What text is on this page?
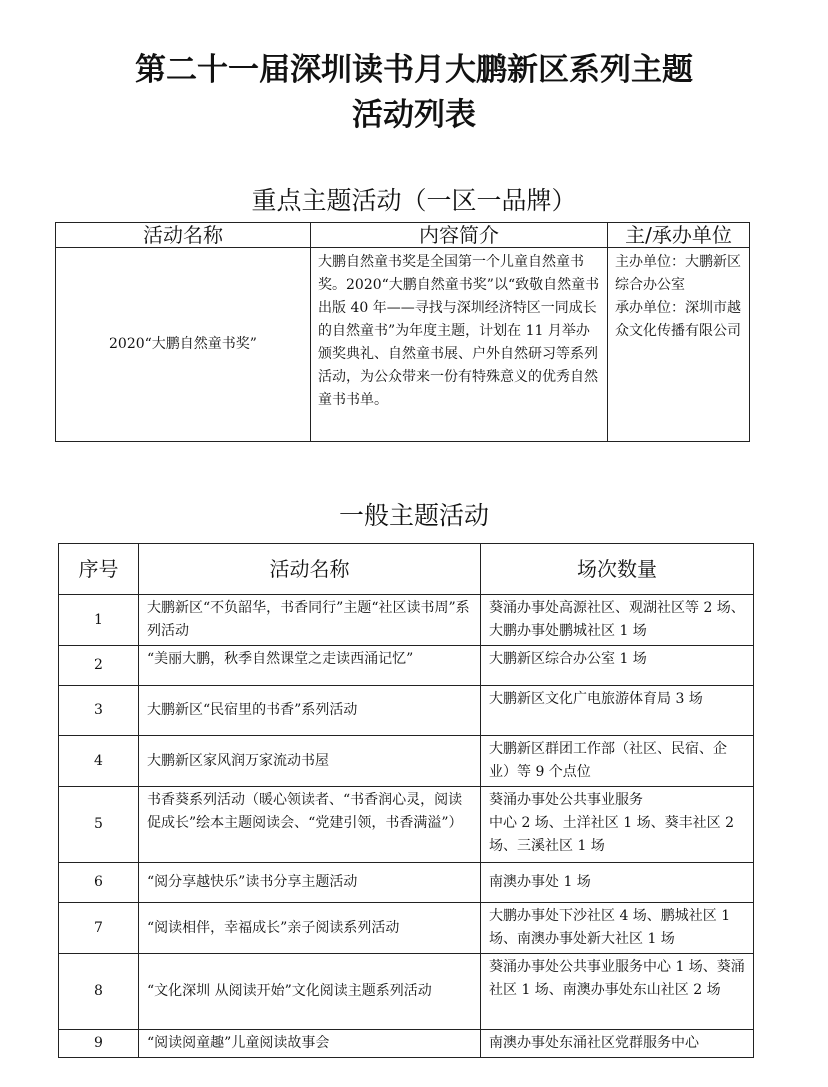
第二十一届深圳读书月大鹏新区系列主题
活动列表
重点主题活动（一区一品牌）
活动名称	内容简介	主/承办单位
2020“大鹏自然童书奖”	大鹏自然童书奖是全国第一个儿童自然童书奖。2020“大鹏自然童书奖”以“致敬自然童书出版 40 年——寻找与深圳经济特区一同成长的自然童书”为年度主题，计划在 11 月举办颁奖典礼、自然童书展、户外自然研习等系列活动，为公众带来一份有特殊意义的优秀自然童书书单。	主办单位：大鹏新区综合办公室
承办单位：深圳市越众文化传播有限公司
一般主题活动
序号	活动名称	场次数量
1	大鹏新区“不负韶华，书香同行”主题“社区读书周”系列活动	葵涌办事处高源社区、观湖社区等 2 场、大鹏办事处鹏城社区 1 场
2	“美丽大鹏，秋季自然课堂之走读西涌记忆”	大鹏新区综合办公室 1 场
3	大鹏新区“民宿里的书香”系列活动	大鹏新区文化广电旅游体育局 3 场
4	大鹏新区家风润万家流动书屋	大鹏新区群团工作部（社区、民宿、企业）等 9 个点位
5	书香葵系列活动（暖心领读者、“书香润心灵，阅读促成长”绘本主题阅读会、“党建引领，书香满溢”）	葵涌办事处公共事业服务
中心 2 场、土洋社区 1 场、葵丰社区 2 场、三溪社区 1 场
6	“阅分享越快乐”读书分享主题活动	南澳办事处 1 场
7	“阅读相伴，幸福成长”亲子阅读系列活动	大鹏办事处下沙社区 4 场、鹏城社区 1 场、南澳办事处新大社区 1 场
8	“文化深圳 从阅读开始”文化阅读主题系列活动	葵涌办事处公共事业服务中心 1 场、葵涌社区 1 场、南澳办事处东山社区 2 场
9	“阅读阅童趣”儿童阅读故事会	南澳办事处东涌社区党群服务中心
